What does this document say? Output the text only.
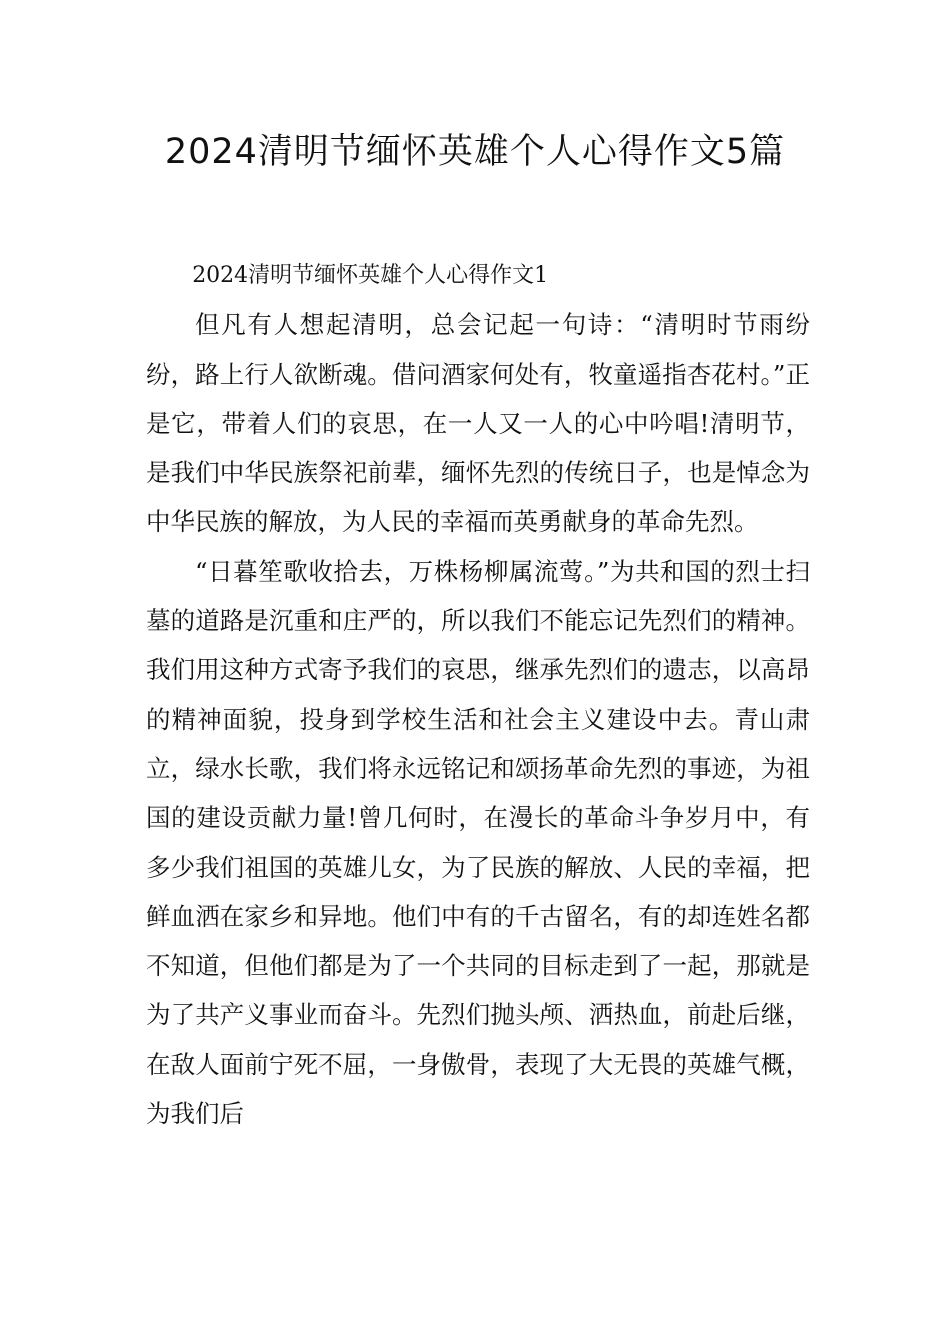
2024清明节缅怀英雄个人心得作文5篇

2024清明节缅怀英雄个人心得作文1

但凡有人想起清明，总会记起一句诗：“清明时节雨纷纷，路上行人欲断魂。借问酒家何处有，牧童遥指杏花村。”正是它，带着人们的哀思，在一人又一人的心中吟唱!清明节，是我们中华民族祭祀前辈，缅怀先烈的传统日子，也是悼念为中华民族的解放，为人民的幸福而英勇献身的革命先烈。

“日暮笙歌收拾去，万株杨柳属流莺。”为共和国的烈士扫墓的道路是沉重和庄严的，所以我们不能忘记先烈们的精神。我们用这种方式寄予我们的哀思，继承先烈们的遗志，以高昂的精神面貌，投身到学校生活和社会主义建设中去。青山肃立，绿水长歌，我们将永远铭记和颂扬革命先烈的事迹，为祖国的建设贡献力量!曾几何时，在漫长的革命斗争岁月中，有多少我们祖国的英雄儿女，为了民族的解放、人民的幸福，把鲜血洒在家乡和异地。他们中有的千古留名，有的却连姓名都不知道，但他们都是为了一个共同的目标走到了一起，那就是为了共产义事业而奋斗。先烈们抛头颅、洒热血，前赴后继，在敌人面前宁死不屈，一身傲骨，表现了大无畏的英雄气概，为我们后
